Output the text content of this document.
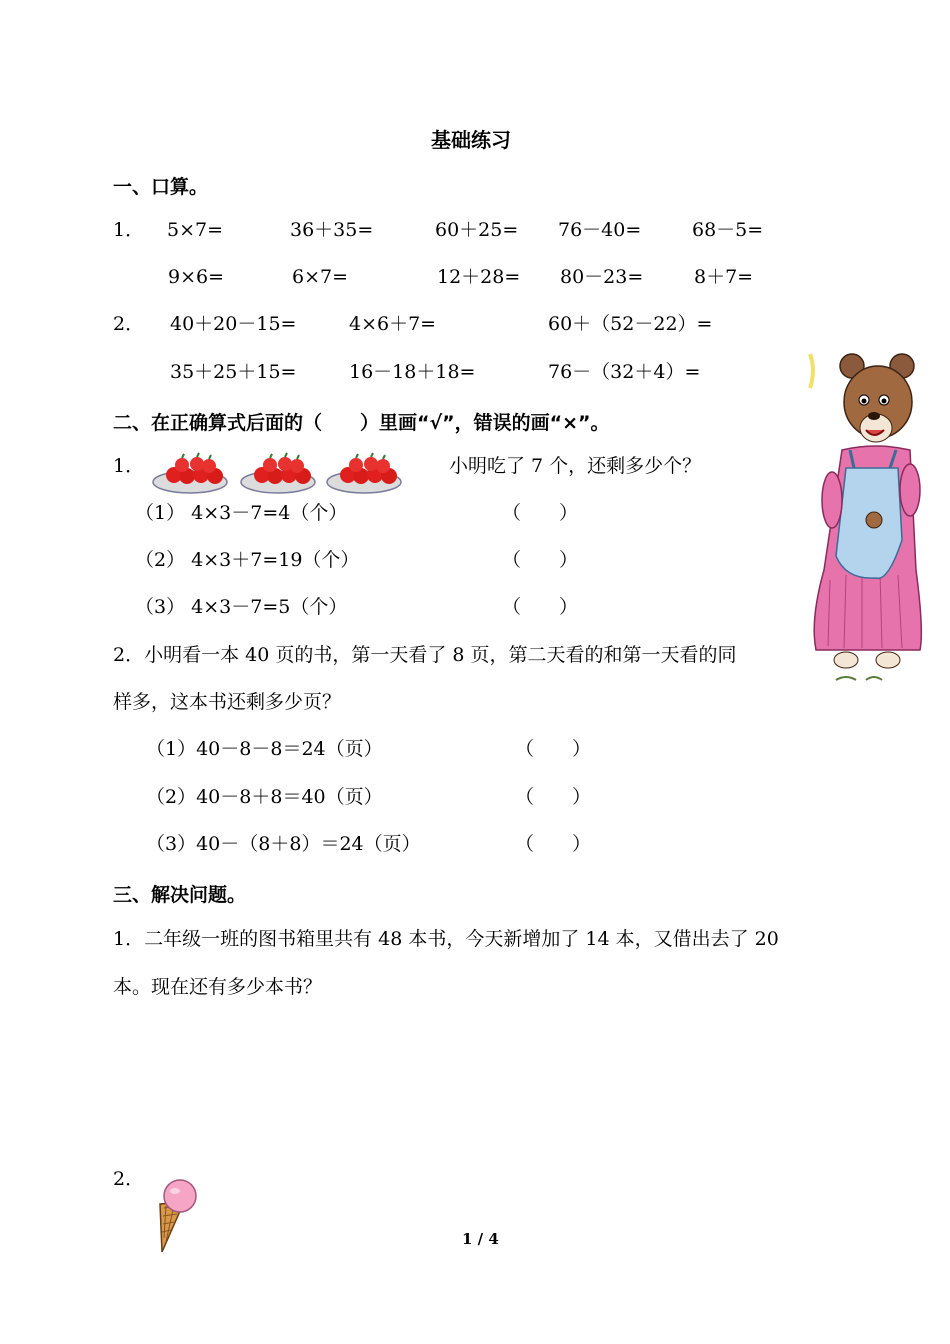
基础练习
一、口算。
1． 5×7=	36＋35=	60＋25= 76－40=	68－5=
9×6=	6×7=	12＋28= 80－23=	8＋7=
2． 40＋20－15=	4×6＋7=	60＋（52－22）=
35＋25＋15=	16－18＋18=	76－（32＋4）=
二、在正确算式后面的（　　）里画“√”，错误的画“×”。
1．	小明吃了 7 个，还剩多少个？
（1） 4×3－7=4（个）	（　　）
（2） 4×3＋7=19（个）	（　　）
（3） 4×3－7=5（个）	（　　）
2．小明看一本 40 页的书，第一天看了 8 页，第二天看的和第一天看的同
样多，这本书还剩多少页？
（1）40－8－8＝24（页）	（　　）
（2）40－8＋8＝40（页）	（　　）
（3）40－（8＋8）＝24（页）	（　　）
三、解决问题。
1．二年级一班的图书箱里共有 48 本书，今天新增加了 14 本，又借出去了 20
本。现在还有多少本书？
2．
1 / 4
